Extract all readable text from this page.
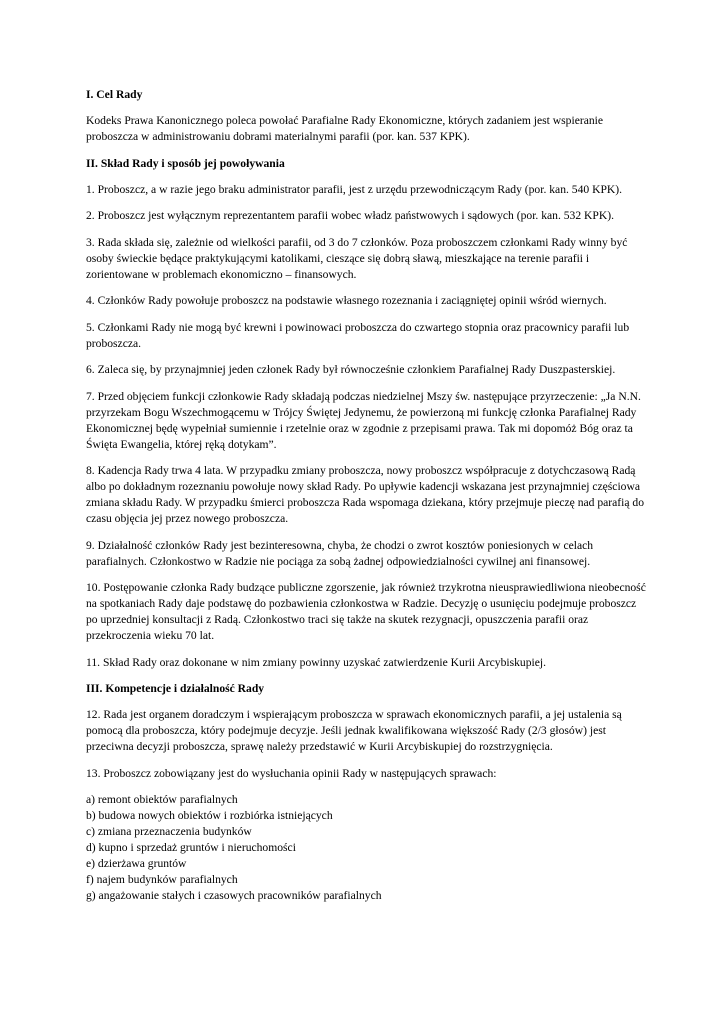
I. Cel Rady

Kodeks Prawa Kanonicznego poleca powołać Parafialne Rady Ekonomiczne, których zadaniem jest wspieranie proboszcza w administrowaniu dobrami materialnymi parafii (por. kan. 537 KPK).

II. Skład Rady i sposób jej powoływania

1. Proboszcz, a w razie jego braku administrator parafii, jest z urzędu przewodniczącym Rady (por. kan. 540 KPK).

2. Proboszcz jest wyłącznym reprezentantem parafii wobec władz państwowych i sądowych (por. kan. 532 KPK).

3. Rada składa się, zależnie od wielkości parafii, od 3 do 7 członków. Poza proboszczem członkami Rady winny być osoby świeckie będące praktykującymi katolikami, cieszące się dobrą sławą, mieszkające na terenie parafii i zorientowane w problemach ekonomiczno – finansowych.

4. Członków Rady powołuje proboszcz na podstawie własnego rozeznania i zaciągniętej opinii wśród wiernych.

5. Członkami Rady nie mogą być krewni i powinowaci proboszcza do czwartego stopnia oraz pracownicy parafii lub proboszcza.

6. Zaleca się, by przynajmniej jeden członek Rady był równocześnie członkiem Parafialnej Rady Duszpasterskiej.

7. Przed objęciem funkcji członkowie Rady składają podczas niedzielnej Mszy św. następujące przyrzeczenie: „Ja N.N. przyrzekam Bogu Wszechmogącemu w Trójcy Świętej Jedynemu, że powierzoną mi funkcję członka Parafialnej Rady Ekonomicznej będę wypełniał sumiennie i rzetelnie oraz w zgodnie z przepisami prawa. Tak mi dopomóż Bóg oraz ta Święta Ewangelia, której ręką dotykam”.

8. Kadencja Rady trwa 4 lata. W przypadku zmiany proboszcza, nowy proboszcz współpracuje z dotychczasową Radą albo po dokładnym rozeznaniu powołuje nowy skład Rady. Po upływie kadencji wskazana jest przynajmniej częściowa zmiana składu Rady. W przypadku śmierci proboszcza Rada wspomaga dziekana, który przejmuje pieczę nad parafią do czasu objęcia jej przez nowego proboszcza.

9. Działalność członków Rady jest bezinteresowna, chyba, że chodzi o zwrot kosztów poniesionych w celach parafialnych. Członkostwo w Radzie nie pociąga za sobą żadnej odpowiedzialności cywilnej ani finansowej.

10. Postępowanie członka Rady budzące publiczne zgorszenie, jak również trzykrotna nieusprawiedliwiona nieobecność na spotkaniach Rady daje podstawę do pozbawienia członkostwa w Radzie. Decyzję o usunięciu podejmuje proboszcz po uprzedniej konsultacji z Radą. Członkostwo traci się także na skutek rezygnacji, opuszczenia parafii oraz przekroczenia wieku 70 lat.

11. Skład Rady oraz dokonane w nim zmiany powinny uzyskać zatwierdzenie Kurii Arcybiskupiej.

III. Kompetencje i działalność Rady

12. Rada jest organem doradczym i wspierającym proboszcza w sprawach ekonomicznych parafii, a jej ustalenia są pomocą dla proboszcza, który podejmuje decyzje. Jeśli jednak kwalifikowana większość Rady (2/3 głosów) jest przeciwna decyzji proboszcza, sprawę należy przedstawić w Kurii Arcybiskupiej do rozstrzygnięcia.

13. Proboszcz zobowiązany jest do wysłuchania opinii Rady w następujących sprawach:

a) remont obiektów parafialnych
b) budowa nowych obiektów i rozbiórka istniejących
c) zmiana przeznaczenia budynków
d) kupno i sprzedaż gruntów i nieruchomości
e) dzierżawa gruntów
f) najem budynków parafialnych
g) angażowanie stałych i czasowych pracowników parafialnych
